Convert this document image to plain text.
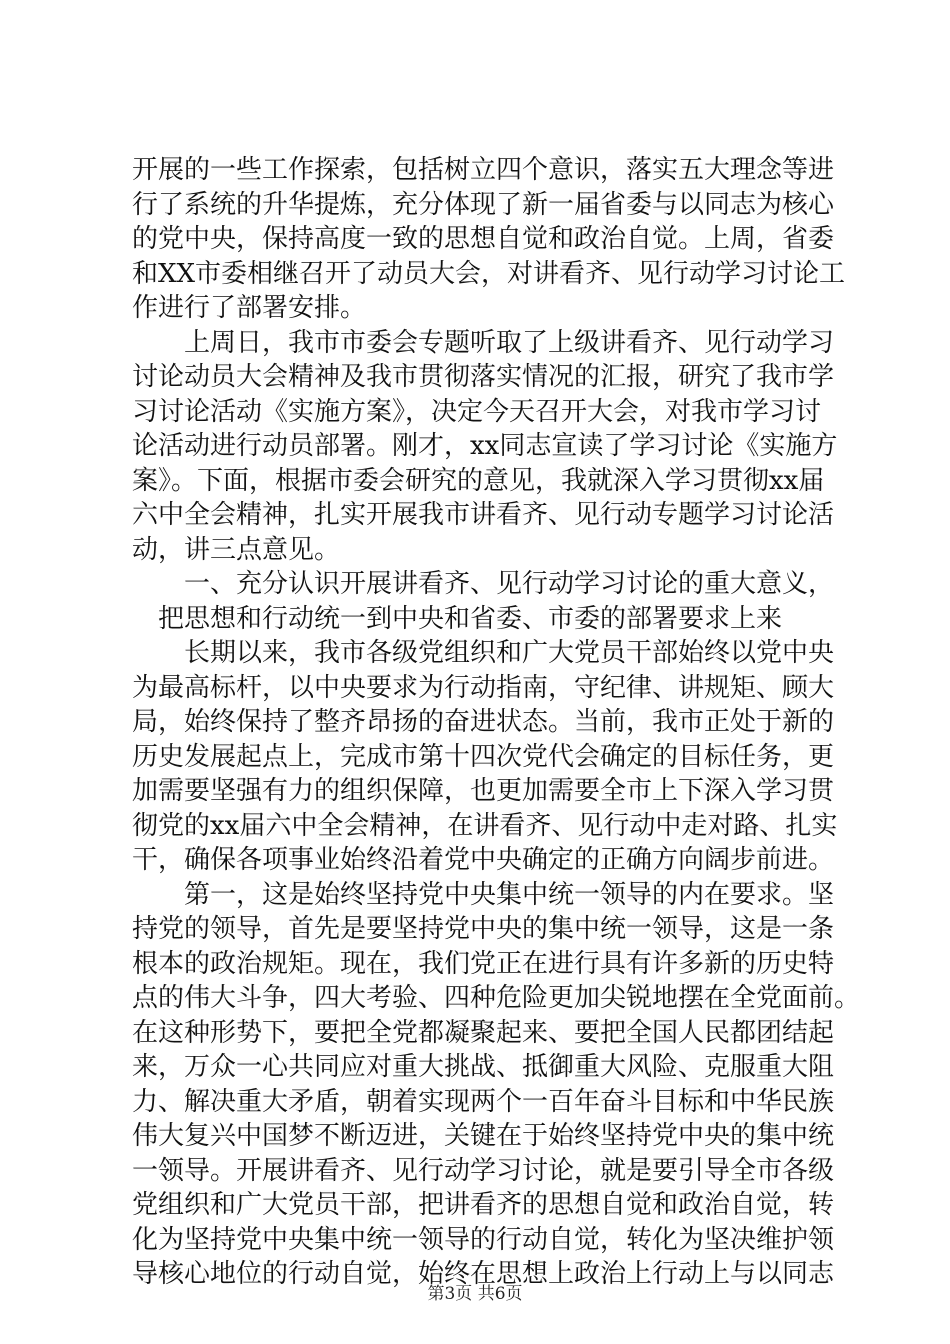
开展的一些工作探索，包括树立四个意识，落实五大理念等进
行了系统的升华提炼，充分体现了新一届省委与以同志为核心
的党中央，保持高度一致的思想自觉和政治自觉。上周，省委
和XX市委相继召开了动员大会，对讲看齐、见行动学习讨论工
作进行了部署安排。
　　上周日，我市市委会专题听取了上级讲看齐、见行动学习
讨论动员大会精神及我市贯彻落实情况的汇报，研究了我市学
习讨论活动《实施方案》，决定今天召开大会，对我市学习讨
论活动进行动员部署。刚才，xx同志宣读了学习讨论《实施方
案》。下面，根据市委会研究的意见，我就深入学习贯彻xx届
六中全会精神，扎实开展我市讲看齐、见行动专题学习讨论活
动，讲三点意见。
　　一、充分认识开展讲看齐、见行动学习讨论的重大意义，
　把思想和行动统一到中央和省委、市委的部署要求上来
　　长期以来，我市各级党组织和广大党员干部始终以党中央
为最高标杆，以中央要求为行动指南，守纪律、讲规矩、顾大
局，始终保持了整齐昂扬的奋进状态。当前，我市正处于新的
历史发展起点上，完成市第十四次党代会确定的目标任务，更
加需要坚强有力的组织保障，也更加需要全市上下深入学习贯
彻党的xx届六中全会精神，在讲看齐、见行动中走对路、扎实
干，确保各项事业始终沿着党中央确定的正确方向阔步前进。
　　第一，这是始终坚持党中央集中统一领导的内在要求。坚
持党的领导，首先是要坚持党中央的集中统一领导，这是一条
根本的政治规矩。现在，我们党正在进行具有许多新的历史特
点的伟大斗争，四大考验、四种危险更加尖锐地摆在全党面前。
在这种形势下，要把全党都凝聚起来、要把全国人民都团结起
来，万众一心共同应对重大挑战、抵御重大风险、克服重大阻
力、解决重大矛盾，朝着实现两个一百年奋斗目标和中华民族
伟大复兴中国梦不断迈进，关键在于始终坚持党中央的集中统
一领导。开展讲看齐、见行动学习讨论，就是要引导全市各级
党组织和广大党员干部，把讲看齐的思想自觉和政治自觉，转
化为坚持党中央集中统一领导的行动自觉，转化为坚决维护领
导核心地位的行动自觉，始终在思想上政治上行动上与以同志
第3页 共6页
